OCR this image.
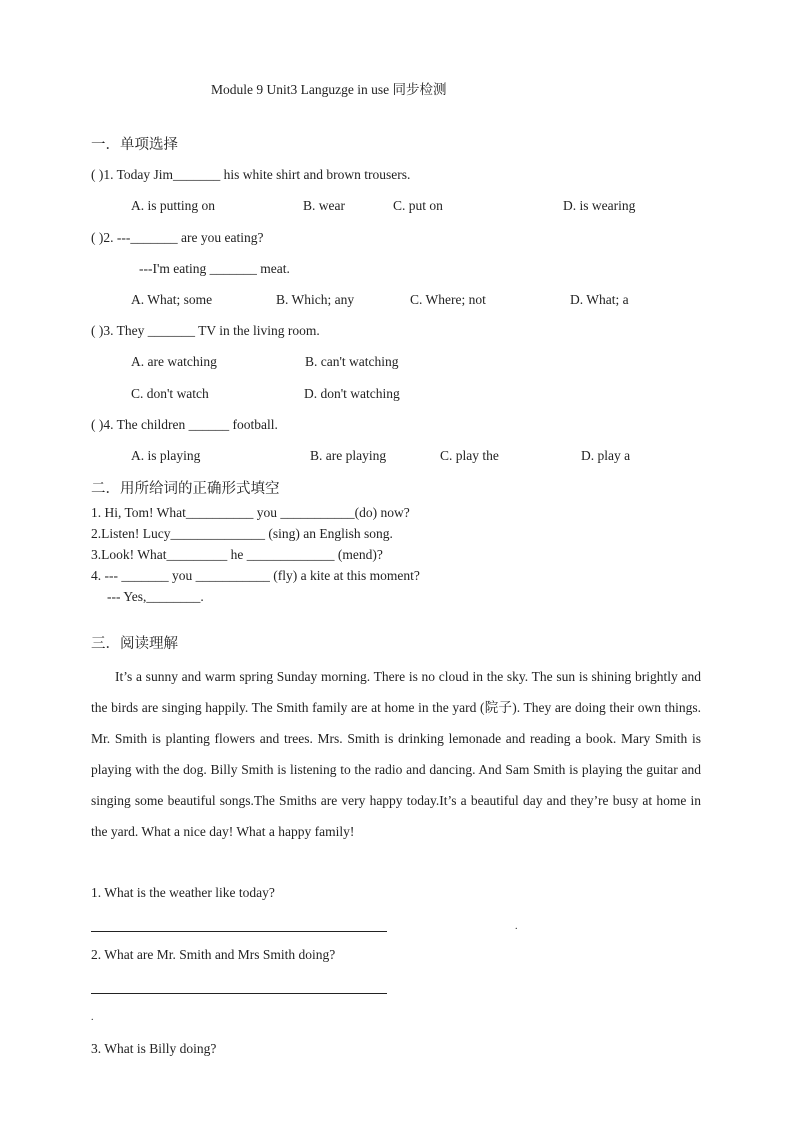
Module 9 Unit3 Languzge in use 同步检测
一．单项选择
( )1. Today Jim_______ his white shirt and brown trousers.
A. is putting on	B. wear	C. put on	D. is wearing
( )2. ---_______ are you eating?
---I'm eating _______ meat.
A. What; some	B. Which; any	C. Where; not	D. What; a
( )3. They _______ TV in the living room.
A. are watching	B. can't watching
C. don't watch	D. don't watching
( )4. The children ______ football.
A. is playing	B. are playing	C. play the	D. play a
二．用所给词的正确形式填空
1. Hi, Tom! What__________ you ___________(do) now?
2.Listen! Lucy______________ (sing) an English song.
3.Look! What_________ he _____________ (mend)?
4. --- _______ you ___________ (fly) a kite at this moment?
--- Yes,________.
三．阅读理解
It’s a sunny and warm spring Sunday morning. There is no cloud in the sky. The sun is shining brightly and the birds are singing happily. The Smith family are at home in the yard (院子). They are doing their own things. Mr. Smith is planting flowers and trees. Mrs. Smith is drinking lemonade and reading a book. Mary Smith is playing with the dog. Billy Smith is listening to the radio and dancing. And Sam Smith is playing the guitar and singing some beautiful songs.The Smiths are very happy today.It’s a beautiful day and they’re busy at home in the yard. What a nice day! What a happy family!
1. What is the weather like today?
.
2. What are Mr. Smith and Mrs Smith doing?
.
3. What is Billy doing?
